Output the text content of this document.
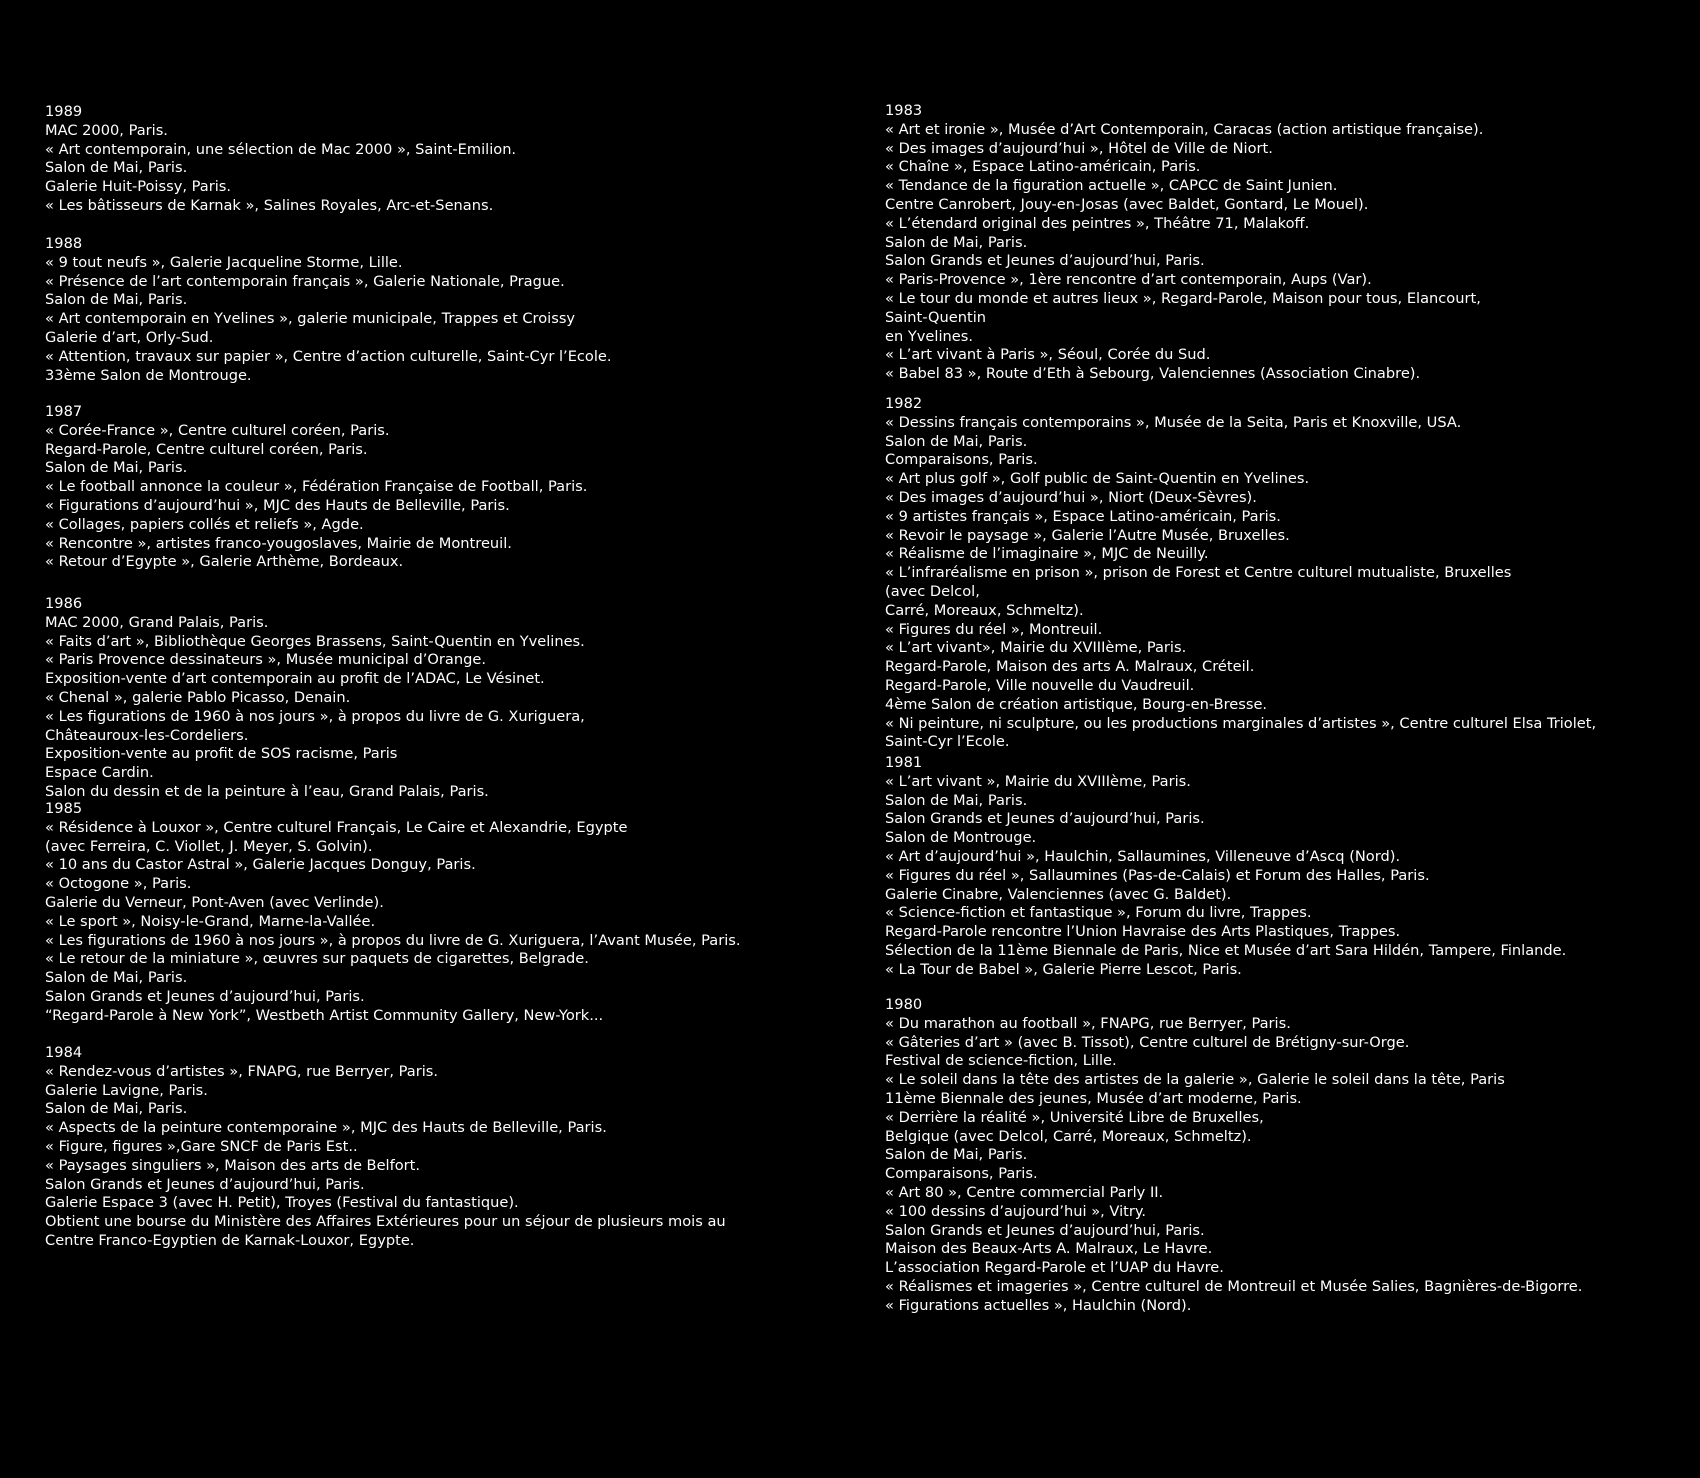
1989
MAC 2000, Paris.
« Art contemporain, une sélection de Mac 2000 », Saint-Emilion.
Salon de Mai, Paris.
Galerie Huit-Poissy, Paris.
« Les bâtisseurs de Karnak », Salines Royales, Arc-et-Senans.
1988
« 9 tout neufs », Galerie Jacqueline Storme, Lille.
« Présence de l’art contemporain français », Galerie Nationale, Prague.
Salon de Mai, Paris.
« Art contemporain en Yvelines », galerie municipale, Trappes et Croissy
Galerie d’art, Orly-Sud.
« Attention, travaux sur papier », Centre d’action culturelle, Saint-Cyr l’Ecole.
33ème Salon de Montrouge.
1987
« Corée-France », Centre culturel coréen, Paris.
Regard-Parole, Centre culturel coréen, Paris.
Salon de Mai, Paris.
« Le football annonce la couleur », Fédération Française de Football, Paris.
« Figurations d’aujourd’hui », MJC des Hauts de Belleville, Paris.
« Collages, papiers collés et reliefs », Agde.
« Rencontre », artistes franco-yougoslaves, Mairie de Montreuil.
« Retour d’Egypte », Galerie Arthème, Bordeaux.
1986
MAC 2000, Grand Palais, Paris.
« Faits d’art », Bibliothèque Georges Brassens, Saint-Quentin en Yvelines.
« Paris Provence dessinateurs », Musée municipal d’Orange.
Exposition-vente d’art contemporain au profit de l’ADAC, Le Vésinet.
« Chenal », galerie Pablo Picasso, Denain.
« Les figurations de 1960 à nos jours », à propos du livre de G. Xuriguera,
Châteauroux-les-Cordeliers.
Exposition-vente au profit de SOS racisme, Paris
Espace Cardin.
Salon du dessin et de la peinture à l’eau, Grand Palais, Paris.
1985
« Résidence à Louxor », Centre culturel Français, Le Caire et Alexandrie, Egypte
(avec Ferreira, C. Viollet, J. Meyer, S. Golvin).
« 10 ans du Castor Astral », Galerie Jacques Donguy, Paris.
« Octogone », Paris.
Galerie du Verneur, Pont-Aven (avec Verlinde).
« Le sport », Noisy-le-Grand, Marne-la-Vallée.
« Les figurations de 1960 à nos jours », à propos du livre de G. Xuriguera, l’Avant Musée, Paris.
« Le retour de la miniature », œuvres sur paquets de cigarettes, Belgrade.
Salon de Mai, Paris.
Salon Grands et Jeunes d’aujourd’hui, Paris.
“Regard-Parole à New York”, Westbeth Artist Community Gallery, New-York...
1984
« Rendez-vous d’artistes », FNAPG, rue Berryer, Paris.
Galerie Lavigne, Paris.
Salon de Mai, Paris.
« Aspects de la peinture contemporaine », MJC des Hauts de Belleville, Paris.
« Figure, figures »,Gare SNCF de Paris Est..
« Paysages singuliers », Maison des arts de Belfort.
Salon Grands et Jeunes d’aujourd’hui, Paris.
Galerie Espace 3 (avec H. Petit), Troyes (Festival du fantastique).
Obtient une bourse du Ministère des Affaires Extérieures pour un séjour de plusieurs mois au
Centre Franco-Egyptien de Karnak-Louxor, Egypte.
1983
« Art et ironie », Musée d’Art Contemporain, Caracas (action artistique française).
« Des images d’aujourd’hui », Hôtel de Ville de Niort.
« Chaîne », Espace Latino-américain, Paris.
« Tendance de la figuration actuelle », CAPCC de Saint Junien.
Centre Canrobert, Jouy-en-Josas (avec Baldet, Gontard, Le Mouel).
« L’étendard original des peintres », Théâtre 71, Malakoff.
Salon de Mai, Paris.
Salon Grands et Jeunes d’aujourd’hui, Paris.
« Paris-Provence », 1ère rencontre d’art contemporain, Aups (Var).
« Le tour du monde et autres lieux », Regard-Parole, Maison pour tous, Elancourt,
Saint-Quentin
en Yvelines.
« L’art vivant à Paris », Séoul, Corée du Sud.
« Babel 83 », Route d’Eth à Sebourg, Valenciennes (Association Cinabre).
1982
« Dessins français contemporains », Musée de la Seita, Paris et Knoxville, USA.
Salon de Mai, Paris.
Comparaisons, Paris.
« Art plus golf », Golf public de Saint-Quentin en Yvelines.
« Des images d’aujourd’hui », Niort (Deux-Sèvres).
« 9 artistes français », Espace Latino-américain, Paris.
« Revoir le paysage », Galerie l’Autre Musée, Bruxelles.
« Réalisme de l’imaginaire », MJC de Neuilly.
« L’infraréalisme en prison », prison de Forest et Centre culturel mutualiste, Bruxelles
(avec Delcol,
Carré, Moreaux, Schmeltz).
« Figures du réel », Montreuil.
« L’art vivant», Mairie du XVIIIème, Paris.
Regard-Parole, Maison des arts A. Malraux, Créteil.
Regard-Parole, Ville nouvelle du Vaudreuil.
4ème Salon de création artistique, Bourg-en-Bresse.
« Ni peinture, ni sculpture, ou les productions marginales d’artistes », Centre culturel Elsa Triolet,
Saint-Cyr l’Ecole.
1981
« L’art vivant », Mairie du XVIIIème, Paris.
Salon de Mai, Paris.
Salon Grands et Jeunes d’aujourd’hui, Paris.
Salon de Montrouge.
« Art d’aujourd’hui », Haulchin, Sallaumines, Villeneuve d’Ascq (Nord).
« Figures du réel », Sallaumines (Pas-de-Calais) et Forum des Halles, Paris.
Galerie Cinabre, Valenciennes (avec G. Baldet).
« Science-fiction et fantastique », Forum du livre, Trappes.
Regard-Parole rencontre l’Union Havraise des Arts Plastiques, Trappes.
Sélection de la 11ème Biennale de Paris, Nice et Musée d’art Sara Hildén, Tampere, Finlande.
« La Tour de Babel », Galerie Pierre Lescot, Paris.
1980
« Du marathon au football », FNAPG, rue Berryer, Paris.
« Gâteries d’art » (avec B. Tissot), Centre culturel de Brétigny-sur-Orge.
Festival de science-fiction, Lille.
« Le soleil dans la tête des artistes de la galerie », Galerie le soleil dans la tête, Paris
11ème Biennale des jeunes, Musée d’art moderne, Paris.
« Derrière la réalité », Université Libre de Bruxelles,
Belgique (avec Delcol, Carré, Moreaux, Schmeltz).
Salon de Mai, Paris.
Comparaisons, Paris.
« Art 80 », Centre commercial Parly II.
« 100 dessins d’aujourd’hui », Vitry.
Salon Grands et Jeunes d’aujourd’hui, Paris.
Maison des Beaux-Arts A. Malraux, Le Havre.
L’association Regard-Parole et l’UAP du Havre.
« Réalismes et imageries », Centre culturel de Montreuil et Musée Salies, Bagnières-de-Bigorre.
« Figurations actuelles », Haulchin (Nord).
